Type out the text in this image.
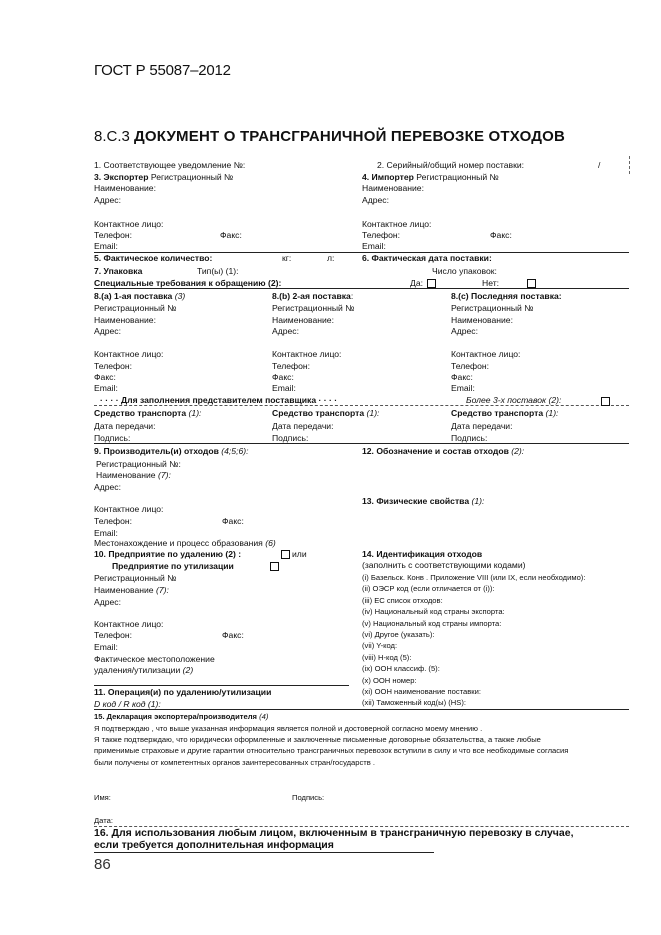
ГОСТ Р 55087–2012
8.С.3 ДОКУМЕНТ О ТРАНСГРАНИЧНОЙ ПЕРЕВОЗКЕ ОТХОДОВ
1. Соответствующее уведомление №:	2. Серийный/общий номер поставки:	/
3. Экспортер Регистрационный №
Наименование:
Адрес:
Контактное лицо:
Телефон:	Факс:
Email:
4. Импортер Регистрационный №
Наименование:
Адрес:
Контактное лицо:
Телефон:	Факс:
Email:
5. Фактическое количество:	кг:	л:	6. Фактическая дата поставки:
7. Упаковка	Тип(ы) (1):	Число упаковок:
Специальные требования к обращению (2):	Да:	Нет:
8.(a) 1-ая поставка (3)
Регистрационный №
Наименование:
Адрес:
Контактное лицо:
Телефон:
Факс:
Email:
8.(b) 2-ая поставка:
Регистрационный №
Наименование:
Адрес:
Контактное лицо:
Телефон:
Факс:
Email:
8.(c) Последняя поставка:
Регистрационный №
Наименование:
Адрес:
Контактное лицо:
Телефон:
Факс:
Email:
· · · · Для заполнения представителем поставщика · · · ·	Более 3-х поставок (2):
Средство транспорта (1):
Дата передачи:
Подпись:
Средство транспорта (1):
Дата передачи:
Подпись:
Средство транспорта (1):
Дата передачи:
Подпись:
9. Производитель(и) отходов (4;5;6):
Регистрационный №:
Наименование (7):
Адрес:
Контактное лицо:
Телефон:	Факс:
Email:
Местонахождение и процесс образования (6)
12. Обозначение и состав отходов (2):
13. Физические свойства (1):
10. Предприятие по удалению (2) :	или
Предприятие по утилизации
Регистрационный №
Наименование (7):
Адрес:
Контактное лицо:
Телефон:	Факс:
Email:
Фактическое местоположение
удаления/утилизации (2)
11. Операция(и) по удалению/утилизации
D код / R код (1):
14. Идентификация отходов
(заполнить с соответствующими кодами)
(i) Базельск. Конв . Приложение VIII (или IX, если необходимо):
(ii) ОЭСР код (если отличается от (i)):
(iii) ЕС список отходов:
(iv) Национальный код страны экспорта:
(v) Национальный код страны импорта:
(vi) Другое (указать):
(vii) Y-код:
(viii) H-код (5):
(ix) ООН классиф. (5):
(x) ООН номер:
(xi) ООН наименование поставки:
(xii) Таможенный код(ы) (HS):
15. Декларация экспортера/производителя (4)
Я подтверждаю , что выше указанная информация является полной и достоверной согласно моему мнению .
Я также подтверждаю, что юридически оформленные и заключенные письменные договорные обязательства, а также любые
применимые страховые и другие гарантии относительно трансграничных перевозок вступили в силу и что все необходимые согласия
были получены от компетентных органов заинтересованных стран/государств .
Имя:	Подпись:
Дата:
16. Для использования любым лицом, включенным в трансграничную перевозку в случае,
если требуется дополнительная информация
86
